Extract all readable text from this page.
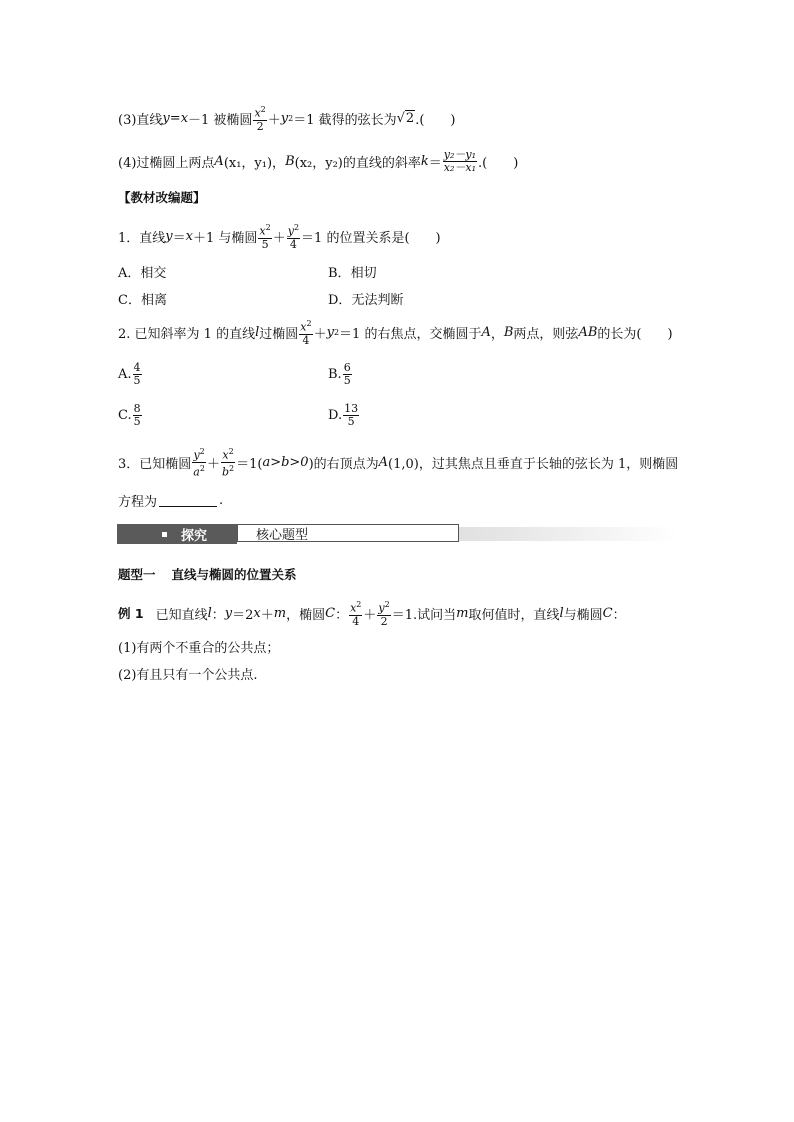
(3)直线 y = x －1 被椭圆 $\frac{x^2}{2} + y$ 2 ＝1 截得的弦长为 √ 2 .(　　)
(4)过椭圆上两点 A (x₁，y₁)， B (x₂，y₂)的直线的斜率 $k = \frac{\text{y₂－y₁}}{\text{x₂－x₁}}$ .(　　)
【教材改编题】
1．直线 y ＝ x ＋1 与椭圆 $\frac{x^2}{5} + \frac{y^2}{4} =1$ 的位置关系是(　　)
A． 相交	B． 相切
C． 相离	D． 无法判断
2. 已知斜率为 1 的直线 l 过椭圆 $\frac{x^2}{4} + y$ 2 ＝1 的右焦点，交椭圆于 A ， B 两点，则弦 AB 的长为(　　)
A. $\frac{4}{5}$	B. $\frac{6}{5}$
C. $\frac{8}{5}$	D. $\frac{13}{5}$
3．已知椭圆 $\frac{y^2}{a^2} + \frac{x^2}{b^2} =1$( a>b>0 )的右顶点为 A (1,0)，过其焦点且垂直于长轴的弦长为 1，则椭圆
方程为	.
探究	核心题型
题型一 直线与椭圆的位置关系
例 1 已知直线 l ： y ＝2 x ＋ m ，椭圆 C ： $\frac{x^2}{4} + \frac{y^2}{2} =1$.试问当 m 取何值时，直线 l 与椭圆 C ：
(1)有两个不重合的公共点；
(2)有且只有一个公共点.
